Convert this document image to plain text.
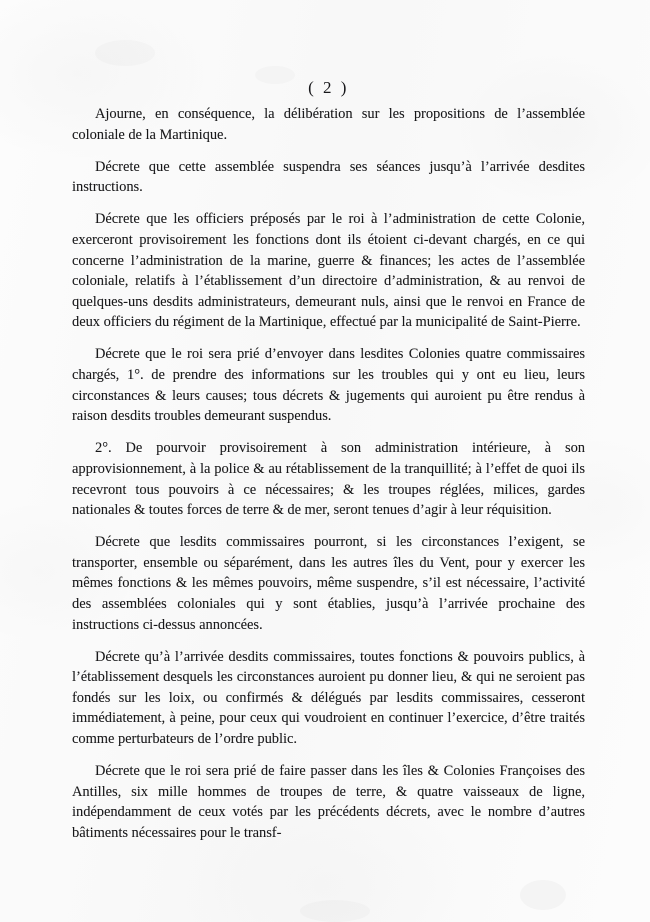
( 2 )

Ajourne, en conséquence, la délibération sur les propositions de l’assemblée coloniale de la Martinique.

Décrete que cette assemblée suspendra ses séances jusqu’à l’arrivée desdites instructions.

Décrete que les officiers préposés par le roi à l’administration de cette Colonie, exerceront provisoirement les fonctions dont ils étoient ci-devant chargés, en ce qui concerne l’administration de la marine, guerre & finances; les actes de l’assemblée coloniale, relatifs à l’établissement d’un directoire d’administration, & au renvoi de quelques-uns desdits administrateurs, demeurant nuls, ainsi que le renvoi en France de deux officiers du régiment de la Martinique, effectué par la municipalité de Saint-Pierre.

Décrete que le roi sera prié d’envoyer dans lesdites Colonies quatre commissaires chargés, 1°. de prendre des informations sur les troubles qui y ont eu lieu, leurs circonstances & leurs causes; tous décrets & jugements qui auroient pu être rendus à raison desdits troubles demeurant suspendus.

2°. De pourvoir provisoirement à son administration intérieure, à son approvisionnement, à la police & au rétablissement de la tranquillité; à l’effet de quoi ils recevront tous pouvoirs à ce nécessaires; & les troupes réglées, milices, gardes nationales & toutes forces de terre & de mer, seront tenues d’agir à leur réquisition.

Décrete que lesdits commissaires pourront, si les circonstances l’exigent, se transporter, ensemble ou séparément, dans les autres îles du Vent, pour y exercer les mêmes fonctions & les mêmes pouvoirs, même suspendre, s’il est nécessaire, l’activité des assemblées coloniales qui y sont établies, jusqu’à l’arrivée prochaine des instructions ci-dessus annoncées.

Décrete qu’à l’arrivée desdits commissaires, toutes fonctions & pouvoirs publics, à l’établissement desquels les circonstances auroient pu donner lieu, & qui ne seroient pas fondés sur les loix, ou confirmés & délégués par lesdits commissaires, cesseront immédiatement, à peine, pour ceux qui voudroient en continuer l’exercice, d’être traités comme perturbateurs de l’ordre public.

Décrete que le roi sera prié de faire passer dans les îles & Colonies Françoises des Antilles, six mille hommes de troupes de terre, & quatre vaisseaux de ligne, indépendamment de ceux votés par les précédents décrets, avec le nombre d’autres bâtiments nécessaires pour le transf-
